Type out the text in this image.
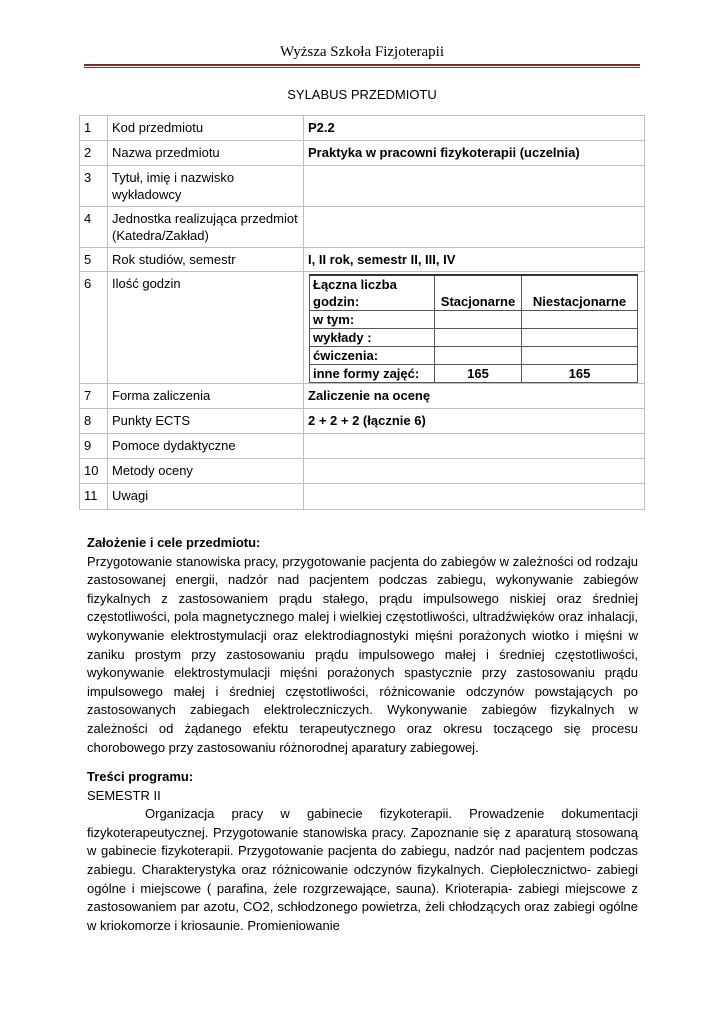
Wyższa Szkoła Fizjoterapii
SYLABUS PRZEDMIOTU
1	Kod przedmiotu	P2.2
2	Nazwa przedmiotu	Praktyka w pracowni fizykoterapii (uczelnia)
3	Tytuł, imię i nazwisko wykładowcy	
4	Jednostka realizująca przedmiot (Katedra/Zakład)	
5	Rok studiów, semestr	I, II rok, semestr II, III, IV
6	Ilość godzin		Łączna liczba godzin:	Stacjonarne	Niestacjonarne
w tym:		
wykłady :		
ćwiczenia:		
inne formy zajęć:	165	165

7	Forma zaliczenia	Zaliczenie na ocenę
8	Punkty ECTS	2 + 2 + 2 (łącznie 6)
9	Pomoce dydaktyczne	
10	Metody oceny	
11	Uwagi	

Założenie i cele przedmiotu:

Przygotowanie stanowiska pracy, przygotowanie pacjenta do zabiegów w zależności od rodzaju zastosowanej energii, nadzór nad pacjentem podczas zabiegu, wykonywanie zabiegów fizykalnych z zastosowaniem prądu stałego, prądu impulsowego niskiej oraz średniej częstotliwości, pola magnetycznego malej i wielkiej częstotliwości, ultradźwięków oraz inhalacji, wykonywanie elektrostymulacji oraz elektrodiagnostyki mięśni porażonych wiotko i mięśni w zaniku prostym przy zastosowaniu prądu impulsowego małej i średniej częstotliwości, wykonywanie elektrostymulacji mięśni porażonych spastycznie przy zastosowaniu prądu impulsowego małej i średniej częstotliwości, różnicowanie odczynów powstających po zastosowanych zabiegach elektroleczniczych. Wykonywanie zabiegów fizykalnych w zależności od żądanego efektu terapeutycznego oraz okresu toczącego się procesu chorobowego przy zastosowaniu różnorodnej aparatury zabiegowej.

Treści programu:

SEMESTR II

Organizacja pracy w gabinecie fizykoterapii. Prowadzenie dokumentacji fizykoterapeutycznej. Przygotowanie stanowiska pracy. Zapoznanie się z aparaturą stosowaną w gabinecie fizykoterapii. Przygotowanie pacjenta do zabiegu, nadzór nad pacjentem podczas zabiegu. Charakterystyka oraz różnicowanie odczynów fizykalnych. Ciepłolecznictwo- zabiegi ogólne i miejscowe ( parafina, żele rozgrzewające, sauna). Krioterapia- zabiegi miejscowe z zastosowaniem par azotu, CO2, schłodzonego powietrza, żeli chłodzących oraz zabiegi ogólne w kriokomorze i kriosaunie. Promieniowanie
